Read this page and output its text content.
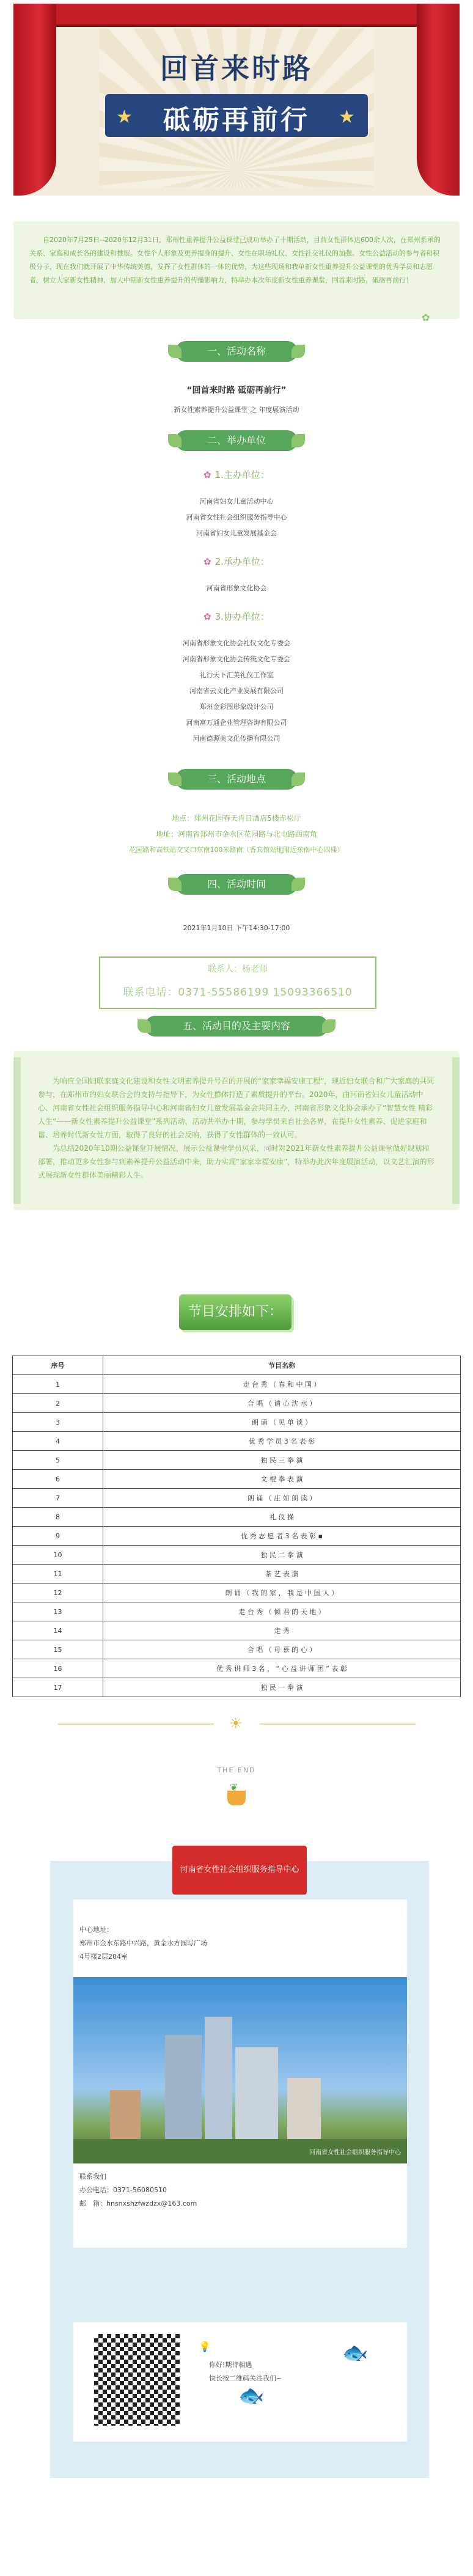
回首来时路
砥砺再前行
★	★

自2020年7月25日--2020年12月31日，郑州性重养提升公益课堂已成功举办了十期活动，目前女性群体达600余人次，在郑州系承的关系、家庭和成长各的建设和推展。女性个人形象及更养提身的提升、女性在职场礼仪、女性社交礼仪的加强。女性公益活动的参与者和积极分子，现在我们就开展了中华传统美德，发挥了女性群体的一体的优势，为这些现场和我单新女性重养提升公益课堂的优秀学员和志愿者，树立大家新女性精神，加大中期新女性重养提升的传播影响力，特举办本次年度新女性重养课堂，回首来时路，砥砺再前行！

✿
一、活动名称
“回首来时路 砥砺再前行”
新女性素养提升公益课堂 之 年度展演活动
二、举办单位
✿ 1.主办单位：
河南省妇女儿童活动中心
河南省女性社会组织服务指导中心
河南省妇女儿童发展基金会
✿ 2.承办单位：
河南省形象文化协会
✿ 3.协办单位：
河南省形象文化协会礼仪文化专委会
河南省形象文化协会传统文化专委会
礼行天下汇美礼仪工作室
河南省云文化产业发展有限公司
郑州金彩图形象设计公司
河南富万通企业管理咨询有限公司
河南德源美文化传播有限公司
三、活动地点
地点：郑州花园春天肯日酒店5楼赤松厅
地址：河南省郑州市金水区花园路与北屯路西南角
花园路和高铁站交叉口东南100米路南（香宾馆站地附近东南中心四楼）
四、活动时间
2021年1月10日 下午14:30-17:00
联系人：杨老师
联系电话：0371-55586199 15093366510
五、活动目的及主要内容

为响应全国妇联家庭文化建设和女性文明素养提升号召的开展的“家家幸福安康工程”，现近妇女联合和广大家庭的共同参与，在郑州市的妇女联合会的支持与指导下，为女性群体打造了素质提升的平台。2020年，由河南省妇女儿童活动中心、河南省女性社会组织服务指导中心和河南省妇女儿童发展基金会共同主办，河南省形象文化协会承办了“智慧女性 精彩人生”——新女性素养提升公益课堂”系列活动，活动共举办十期，参与学员来自社会各界，在提升女性素养、促进家庭和谐、培养时代新女性方面，取得了良好的社会反响，获得了女性群体的一致认可。

为总结2020年10期公益课堂开展情况，展示公益课堂学员风采，同时对2021年新女性素养提升公益课堂做好规划和部署，推动更多女性参与到素养提升公益活动中来，助力实现“家家幸福安康”，特举办此次年度展演活动，以文艺汇演的形式展现新女性群体美丽精彩人生。

节目安排如下：
序号	节目名称
1	走 台 秀 （ 春 和 中 国 ）
2	合 唱 （ 请 心 沈 水 ）
3	朗 诵 （ 见 单 谈 ）
4	优 秀 学 员 3 名 表 彰
5	独 民 三 拳 演
6	文 棍 拳 表 演
7	朗 诵 （ 庄 如 朗 读 ）
8	礼 仪 操
9	优 秀 志 愿 者 3 名 表 彰 ▪
10	独 民 二 拳 演
11	茶 艺 表 演
12	朗 诵 （ 我 的 家 ， 我 是 中 国 人 ）
13	走 台 秀 （ 倾 君 的 天 地 ）
14	走 秀
15	合 唱 （ 母 慕 的 心 ）
16	优 秀 讲 师 3 名 ， “ 心 益 讲 师 团 ” 表 彰
17	独 民 一 拳 演
☀
THE END
❦
河南省女性社会组织服务指导中心
中心地址：
郑州市金水东路中兴路，黄金水方园写广场
4号楼2层204室
河南省女性社会组织服务指导中心
联系我们
办公电话：0371-56080510
邮　箱：hnsnxshzfwzdzx@163.com
💡
你好!期待相遇
快长按二维码关注我们~
🐟
🐟
